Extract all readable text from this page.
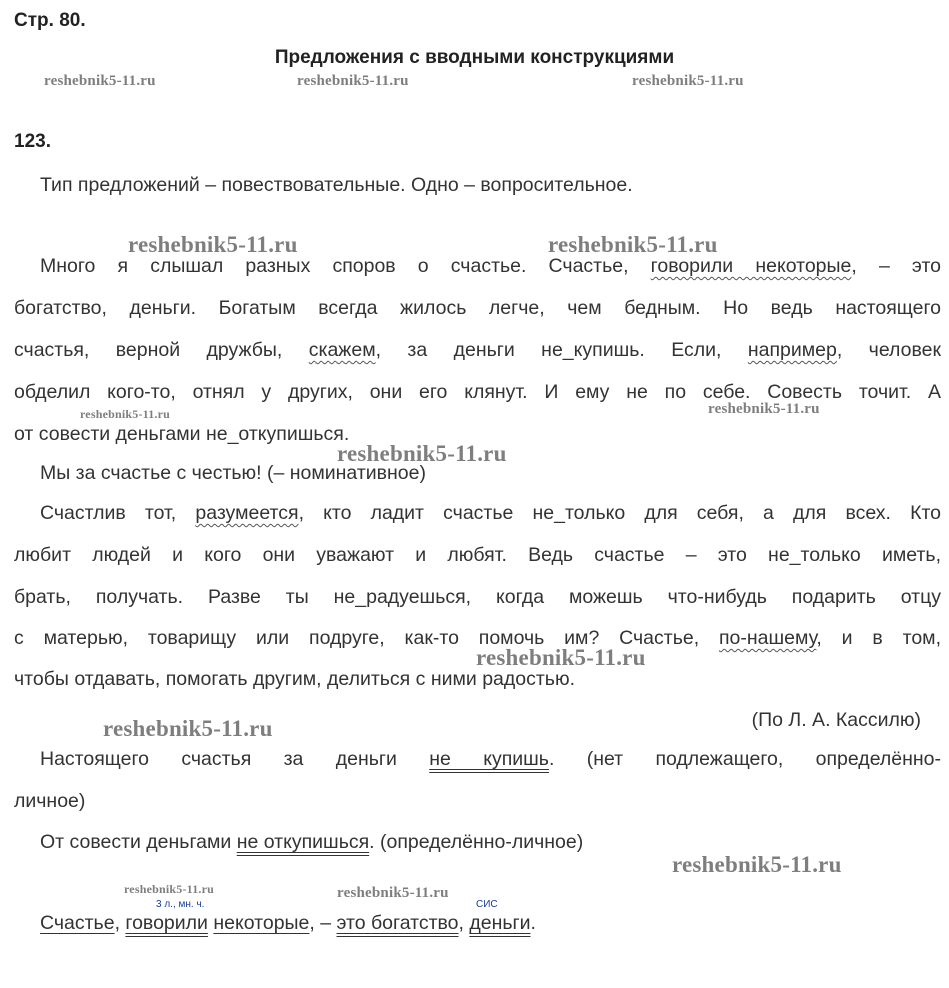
Стр. 80.
Предложения с вводными конструкциями
reshebnik5-11.ru	reshebnik5-11.ru	reshebnik5-11.ru
123.
Тип предложений – повествовательные. Одно – вопросительное.
reshebnik5-11.ru	reshebnik5-11.ru
Много я слышал разных споров о счастье. Счастье, говорили некоторые, – это
богатство, деньги. Богатым всегда жилось легче, чем бедным. Но ведь настоящего
счастья, верной дружбы, скажем, за деньги не_купишь. Если, например, человек
обделил кого-то, отнял у других, они его клянут. И ему не по себе. Совесть точит. А
reshebnik5-11.ru	reshebnik5-11.ru
от совести деньгами не_откупишься.
reshebnik5-11.ru
Мы за счастье с честью! (– номинативное)
Счастлив тот, разумеется, кто ладит счастье не_только для себя, а для всех. Кто
любит людей и кого они уважают и любят. Ведь счастье – это не_только иметь,
брать, получать. Разве ты не_радуешься, когда можешь что-нибудь подарить отцу
с матерью, товарищу или подруге, как-то помочь им? Счастье, по-нашему, и в том,
reshebnik5-11.ru
чтобы отдавать, помогать другим, делиться с ними радостью.
reshebnik5-11.ru	(По Л. А. Кассилю)
Настоящего счастья за деньги не купишь. (нет подлежащего, определённо-
личное)
От совести деньгами не откупишься. (определённо-личное)
reshebnik5-11.ru
reshebnik5-11.ru	reshebnik5-11.ru
3 л., мн. ч.	СИС
Счастье, говорили некоторые, – это богатство, деньги.
